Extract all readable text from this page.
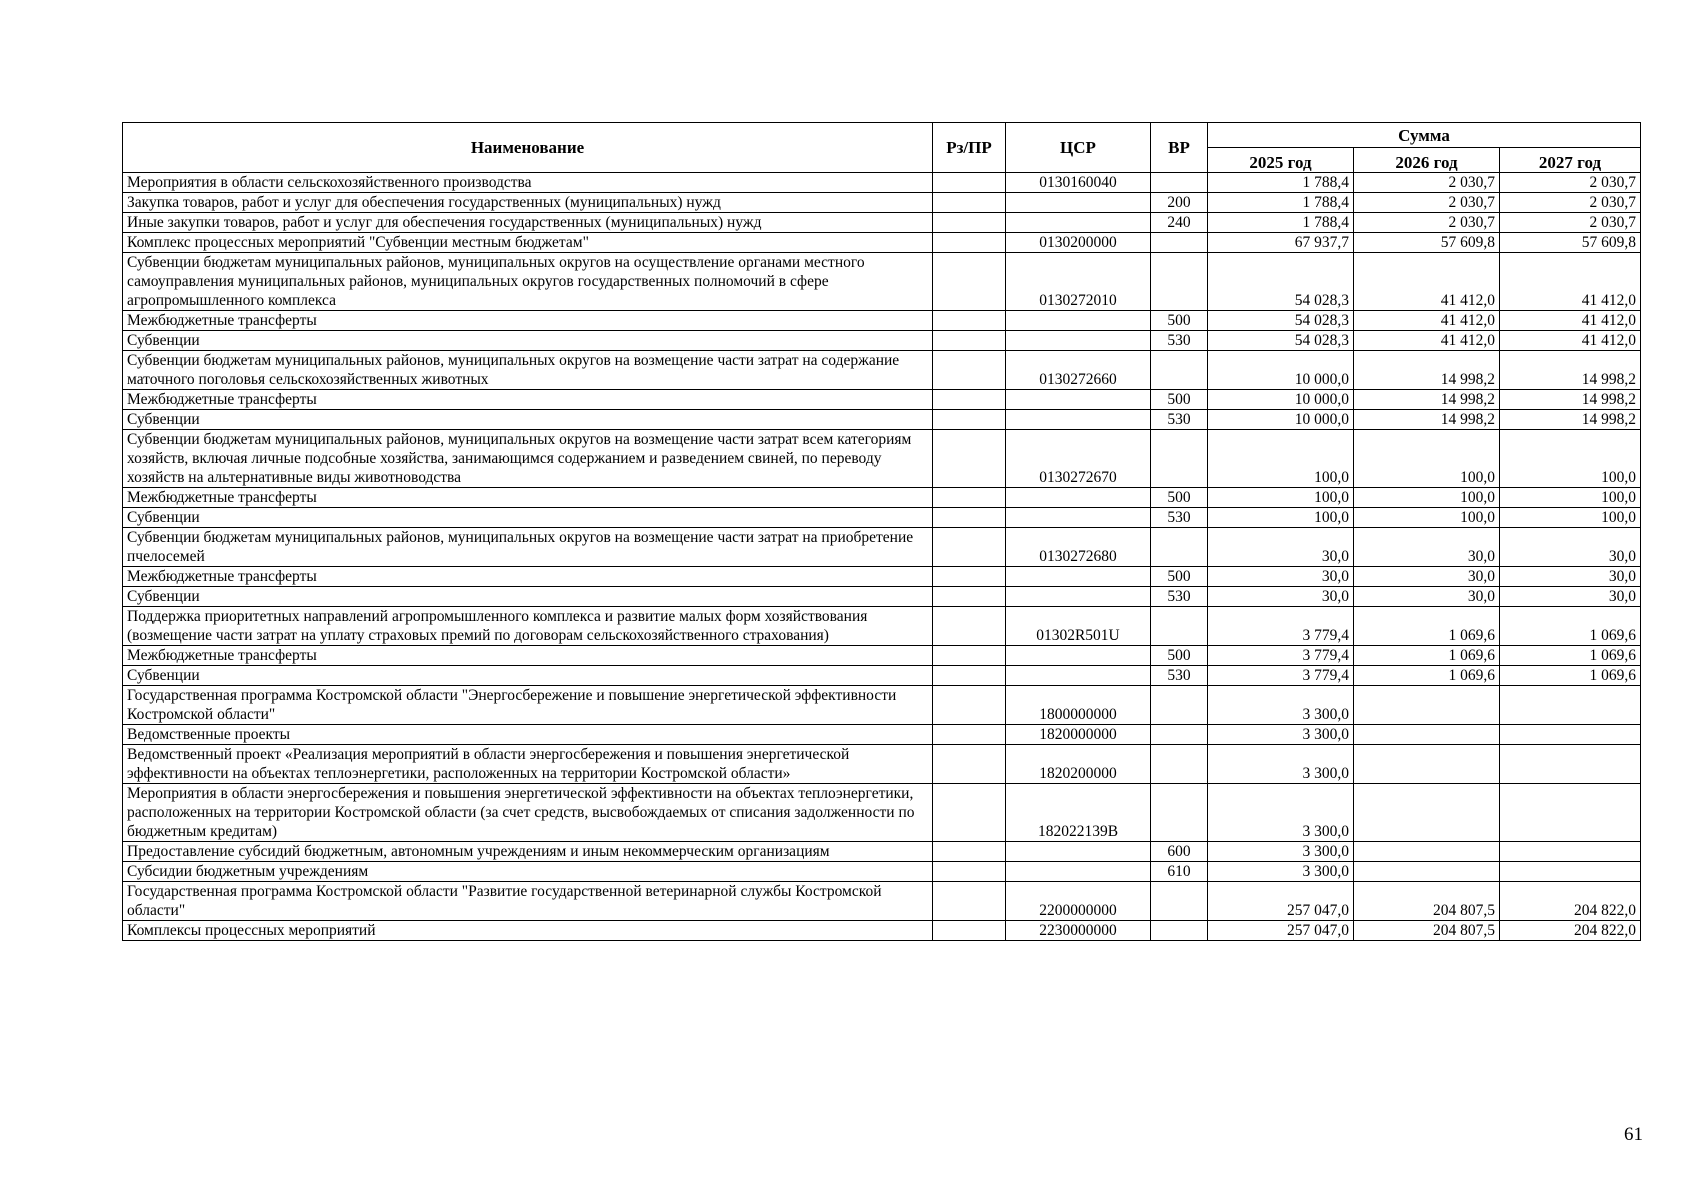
Наименование	Рз/ПР	ЦСР	ВР	Сумма		
				2025 год	2026 год	2027 год
Мероприятия в области сельскохозяйственного производства		0130160040		1 788,4	2 030,7	2 030,7
Закупка товаров, работ и услуг для обеспечения государственных (муниципальных) нужд			200	1 788,4	2 030,7	2 030,7
Иные закупки товаров, работ и услуг для обеспечения государственных (муниципальных) нужд			240	1 788,4	2 030,7	2 030,7
Комплекс процессных мероприятий "Субвенции местным бюджетам"		0130200000		67 937,7	57 609,8	57 609,8
Субвенции бюджетам муниципальных районов, муниципальных округов на осуществление органами местного самоуправления муниципальных районов, муниципальных округов государственных полномочий в сфере агропромышленного комплекса		0130272010		54 028,3	41 412,0	41 412,0
Межбюджетные трансферты			500	54 028,3	41 412,0	41 412,0
Субвенции			530	54 028,3	41 412,0	41 412,0
Субвенции бюджетам муниципальных районов, муниципальных округов на возмещение части затрат на содержание маточного поголовья сельскохозяйственных животных		0130272660		10 000,0	14 998,2	14 998,2
Межбюджетные трансферты			500	10 000,0	14 998,2	14 998,2
Субвенции			530	10 000,0	14 998,2	14 998,2
Субвенции бюджетам муниципальных районов, муниципальных округов на возмещение части затрат всем категориям хозяйств, включая личные подсобные хозяйства, занимающимся содержанием и разведением свиней, по переводу хозяйств на альтернативные виды животноводства		0130272670		100,0	100,0	100,0
Межбюджетные трансферты			500	100,0	100,0	100,0
Субвенции			530	100,0	100,0	100,0
Субвенции бюджетам муниципальных районов, муниципальных округов на возмещение части затрат на приобретение пчелосемей		0130272680		30,0	30,0	30,0
Межбюджетные трансферты			500	30,0	30,0	30,0
Субвенции			530	30,0	30,0	30,0
Поддержка приоритетных направлений агропромышленного комплекса и развитие малых форм хозяйствования (возмещение части затрат на уплату страховых премий по договорам сельскохозяйственного страхования)		01302R501U		3 779,4	1 069,6	1 069,6
Межбюджетные трансферты			500	3 779,4	1 069,6	1 069,6
Субвенции			530	3 779,4	1 069,6	1 069,6
Государственная программа Костромской области "Энергосбережение и повышение энергетической эффективности Костромской области"		1800000000		3 300,0		
Ведомственные проекты		1820000000		3 300,0		
Ведомственный проект «Реализация мероприятий в области энергосбережения и повышения энергетической эффективности на объектах теплоэнергетики, расположенных на территории Костромской области»		1820200000		3 300,0		
Мероприятия в области энергосбережения и повышения энергетической эффективности на объектах теплоэнергетики, расположенных на территории Костромской области (за счет средств, высвобождаемых от списания задолженности по бюджетным кредитам)		182022139В		3 300,0		
Предоставление субсидий бюджетным, автономным учреждениям и иным некоммерческим организациям			600	3 300,0		
Субсидии бюджетным учреждениям			610	3 300,0		
Государственная программа Костромской области "Развитие государственной ветеринарной службы Костромской области"		2200000000		257 047,0	204 807,5	204 822,0
Комплексы процессных мероприятий		2230000000		257 047,0	204 807,5	204 822,0
61
